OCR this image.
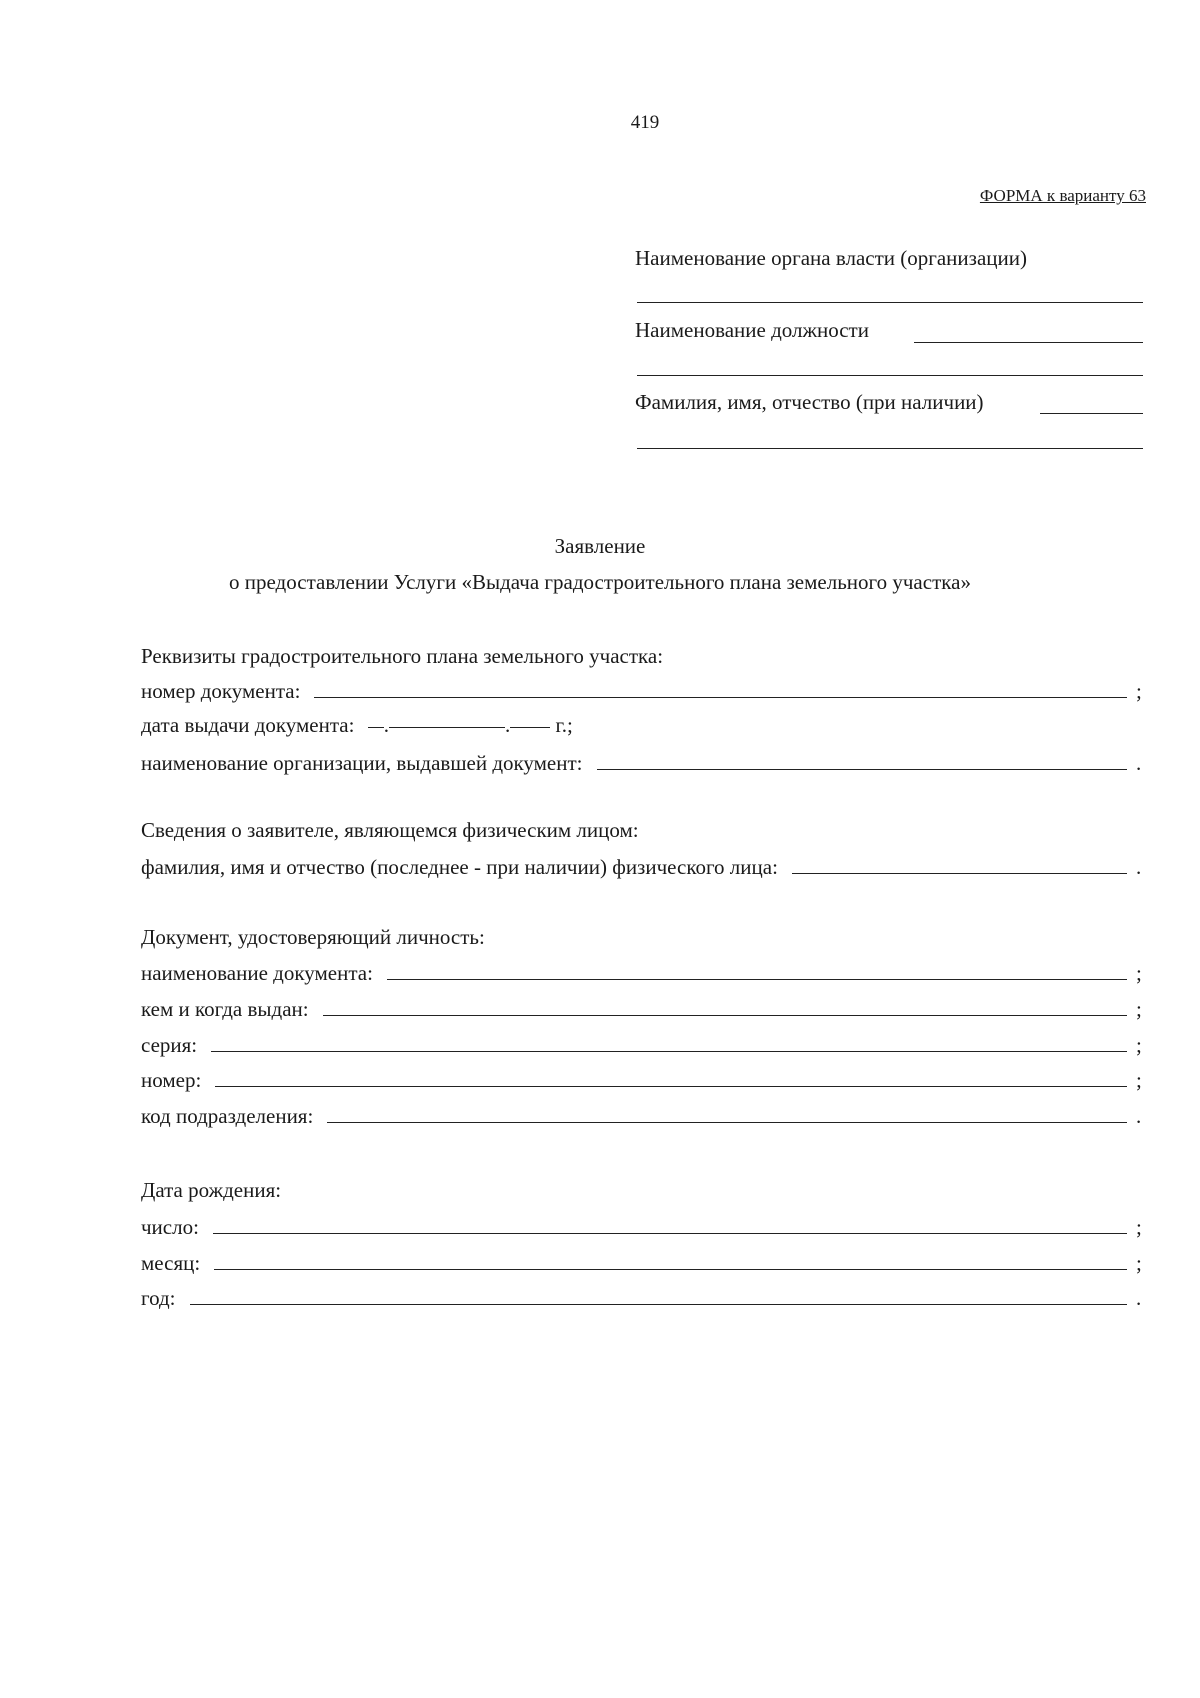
419
ФОРМА к варианту 63
Наименование органа власти (организации)
Наименование должности
Фамилия, имя, отчество (при наличии)
Заявление
о предоставлении Услуги «Выдача градостроительного плана земельного участка»
Реквизиты градостроительного плана земельного участка:
номер документа:	;
дата выдачи документа: .	. г.;
наименование организации, выдавшей документ:	.
Сведения о заявителе, являющемся физическим лицом:
фамилия, имя и отчество (последнее - при наличии) физического лица:	.
Документ, удостоверяющий личность:
наименование документа:	;
кем и когда выдан:	;
серия:	;
номер:	;
код подразделения:	.
Дата рождения:
число:	;
месяц:	;
год:	.
